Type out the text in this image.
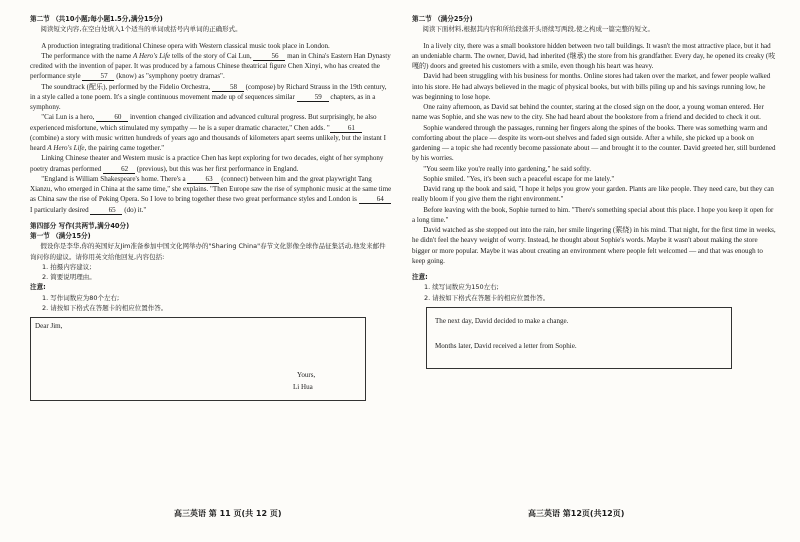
第二节 （共10小题;每小题1.5分,满分15分)

阅读短文内容,在空白处填入1个适当的单词或括号内单词的正确形式。

A production integrating traditional Chinese opera with Western classical music took place in London.

The performance with the name A Hero's Life tells of the story of Cai Lun,	56 man in China's Eastern Han Dynasty credited with the invention of paper. It was produced by a famous Chinese theatrical figure Chen Xinyi, who has created the performance style	57 (know) as "symphony poetry dramas".

The soundtrack (配乐), performed by the Fidelio Orchestra,	58 (compose) by Richard Strauss in the 19th century, in a style called a tone poem. It's a single continuous movement made up of sequences similar	59 chapters, as in a symphony.

"Cai Lun is a hero,	60 invention changed civilization and advanced cultural progress. But surprisingly, he also experienced misfortune, which stimulated my sympathy — he is a super dramatic character," Chen adds. "	61 (combine) a story with music written hundreds of years ago and thousands of kilometers apart seems unlikely, but the instant I heard A Hero's Life, the pairing came together."

Linking Chinese theater and Western music is a practice Chen has kept exploring for two decades, eight of her symphony poetry dramas performed	62 (previous), but this was her first performance in England.

"England is William Shakespeare's home. There's a	63 (connect) between him and the great playwright Tang Xianzu, who emerged in China at the same time," she explains. "Then Europe saw the rise of symphonic music at the same time as China saw the rise of Peking Opera. So I love to bring together these two great performance styles and London is	64 I particularly desired	65 (do) it."

第四部分 写作(共两节,满分40分)

第一节 （满分15分)

假设你是李华,你的英国好友Jim准备参加中国文化网举办的"Sharing China"春节文化影像全球作品征集活动,他发来邮件询问你的建议。请你用英文给他回复,内容包括:

1. 拍摄内容建议;

2. 简要说明理由。

注意:

1. 写作词数应为80个左右;

2. 请按如下格式在答题卡的相应位置作答。

Dear Jim,
Yours,
Li Hua

第二节 （满分25分)

阅读下面材料,根据其内容和所给段落开头语续写两段,使之构成一篇完整的短文。

In a lively city, there was a small bookstore hidden between two tall buildings. It wasn't the most attractive place, but it had an undeniable charm. The owner, David, had inherited (继承) the store from his grandfather. Every day, he opened its creaky (吱嘎的) doors and greeted his customers with a smile, even though his heart was heavy.

David had been struggling with his business for months. Online stores had taken over the market, and fewer people walked into his store. He had always believed in the magic of physical books, but with bills piling up and his savings running low, he was beginning to lose hope.

One rainy afternoon, as David sat behind the counter, staring at the closed sign on the door, a young woman entered. Her name was Sophie, and she was new to the city. She had heard about the bookstore from a friend and decided to check it out.

Sophie wandered through the passages, running her fingers along the spines of the books. There was something warm and comforting about the place — despite its worn-out shelves and faded sign outside. After a while, she picked up a book on gardening — a topic she had recently become passionate about — and brought it to the counter. David greeted her, still burdened by his worries.

"You seem like you're really into gardening," he said softly.

Sophie smiled. "Yes, it's been such a peaceful escape for me lately."

David rang up the book and said, "I hope it helps you grow your garden. Plants are like people. They need care, but they can really bloom if you give them the right environment."

Before leaving with the book, Sophie turned to him. "There's something special about this place. I hope you keep it open for a long time."

David watched as she stepped out into the rain, her smile lingering (萦绕) in his mind. That night, for the first time in weeks, he didn't feel the heavy weight of worry. Instead, he thought about Sophie's words. Maybe it wasn't about making the store bigger or more popular. Maybe it was about creating an environment where people felt welcomed — and that was enough to keep going.

注意:

1. 续写词数应为150左右;

2. 请按如下格式在答题卡的相应位置作答。

The next day, David decided to make a change.
Months later, David received a letter from Sophie.
高三英语 第 11 页(共 12 页)	高三英语 第12页(共12页)
